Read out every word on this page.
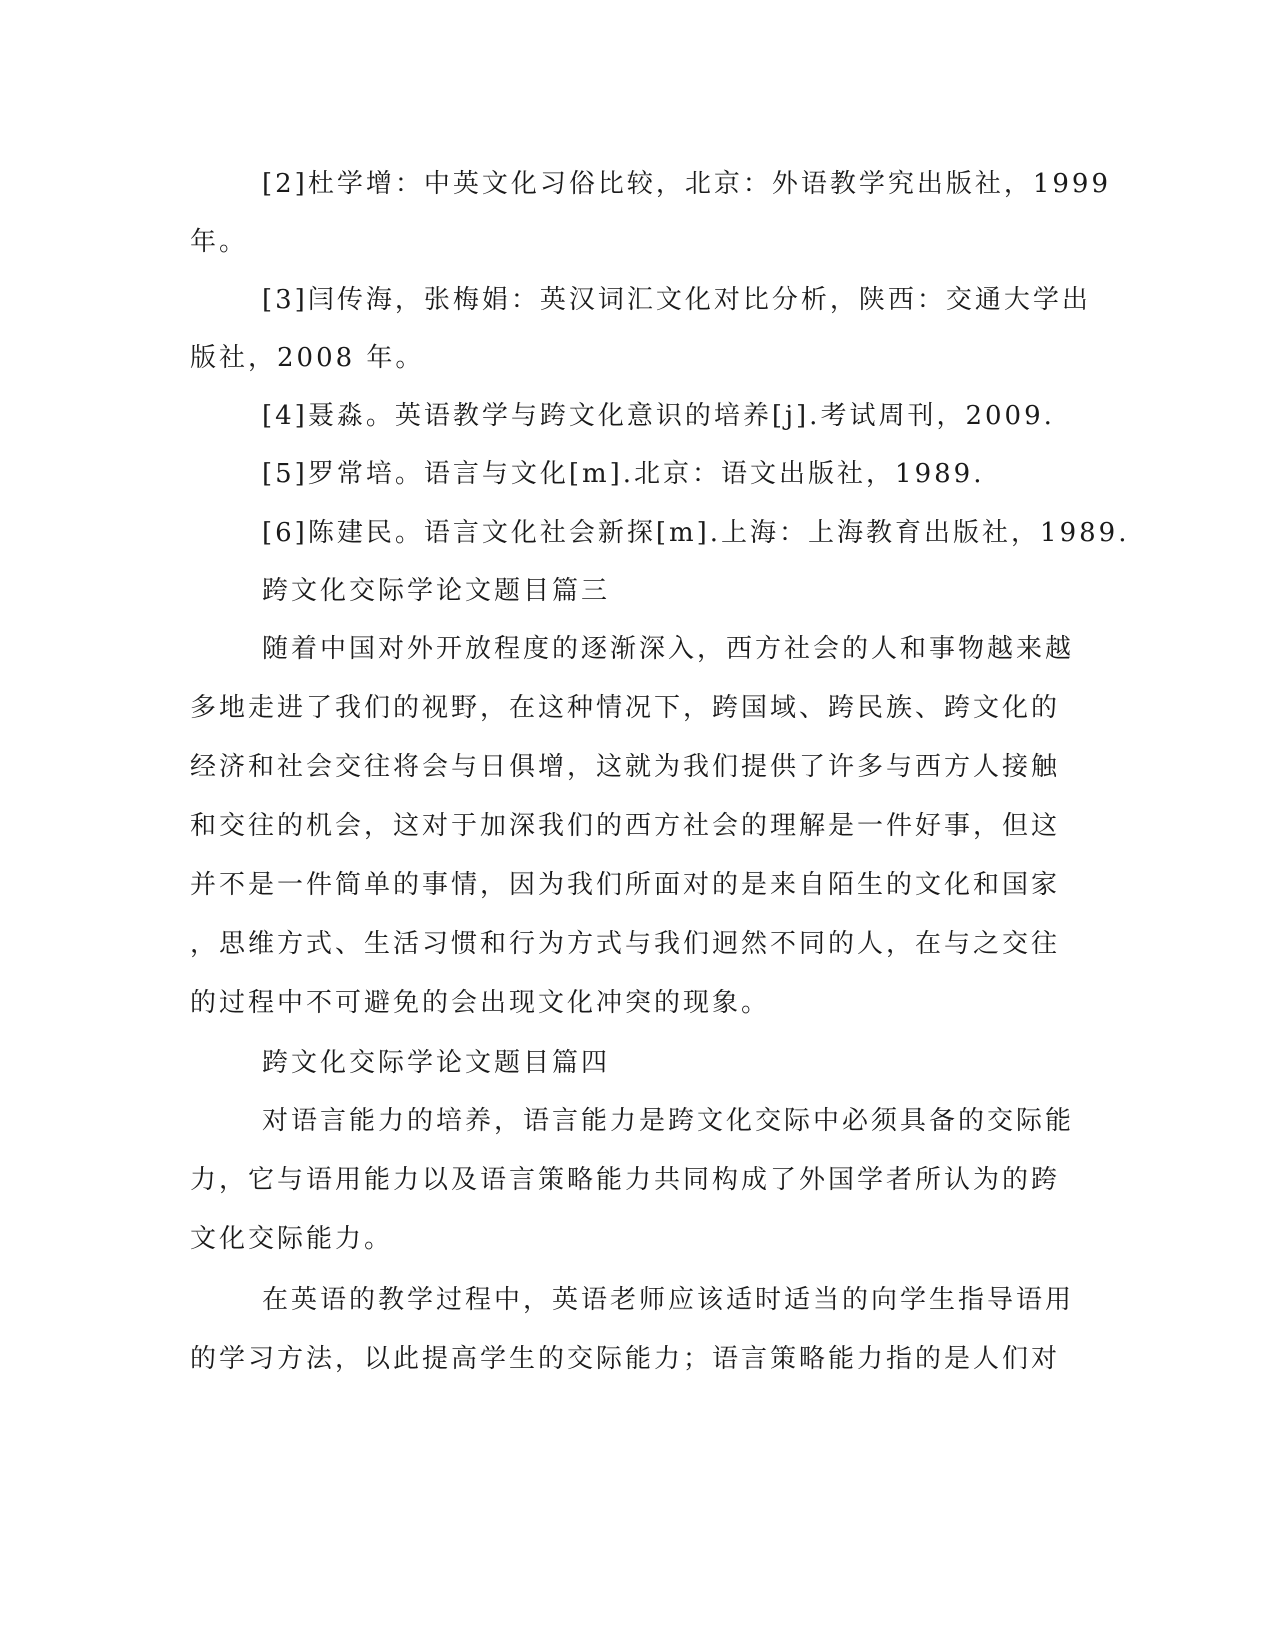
[2]杜学增：中英文化习俗比较，北京：外语教学究出版社，1999
年。
[3]闫传海，张梅娟：英汉词汇文化对比分析，陕西：交通大学出
版社，2008 年。
[4]聂淼。英语教学与跨文化意识的培养[j].考试周刊，2009.
[5]罗常培。语言与文化[m].北京：语文出版社，1989.
[6]陈建民。语言文化社会新探[m].上海：上海教育出版社，1989.
跨文化交际学论文题目篇三
随着中国对外开放程度的逐渐深入，西方社会的人和事物越来越
多地走进了我们的视野，在这种情况下，跨国域、跨民族、跨文化的
经济和社会交往将会与日俱增，这就为我们提供了许多与西方人接触
和交往的机会，这对于加深我们的西方社会的理解是一件好事，但这
并不是一件简单的事情，因为我们所面对的是来自陌生的文化和国家
，思维方式、生活习惯和行为方式与我们迥然不同的人，在与之交往
的过程中不可避免的会出现文化冲突的现象。
跨文化交际学论文题目篇四
对语言能力的培养，语言能力是跨文化交际中必须具备的交际能
力，它与语用能力以及语言策略能力共同构成了外国学者所认为的跨
文化交际能力。
在英语的教学过程中，英语老师应该适时适当的向学生指导语用
的学习方法，以此提高学生的交际能力；语言策略能力指的是人们对
